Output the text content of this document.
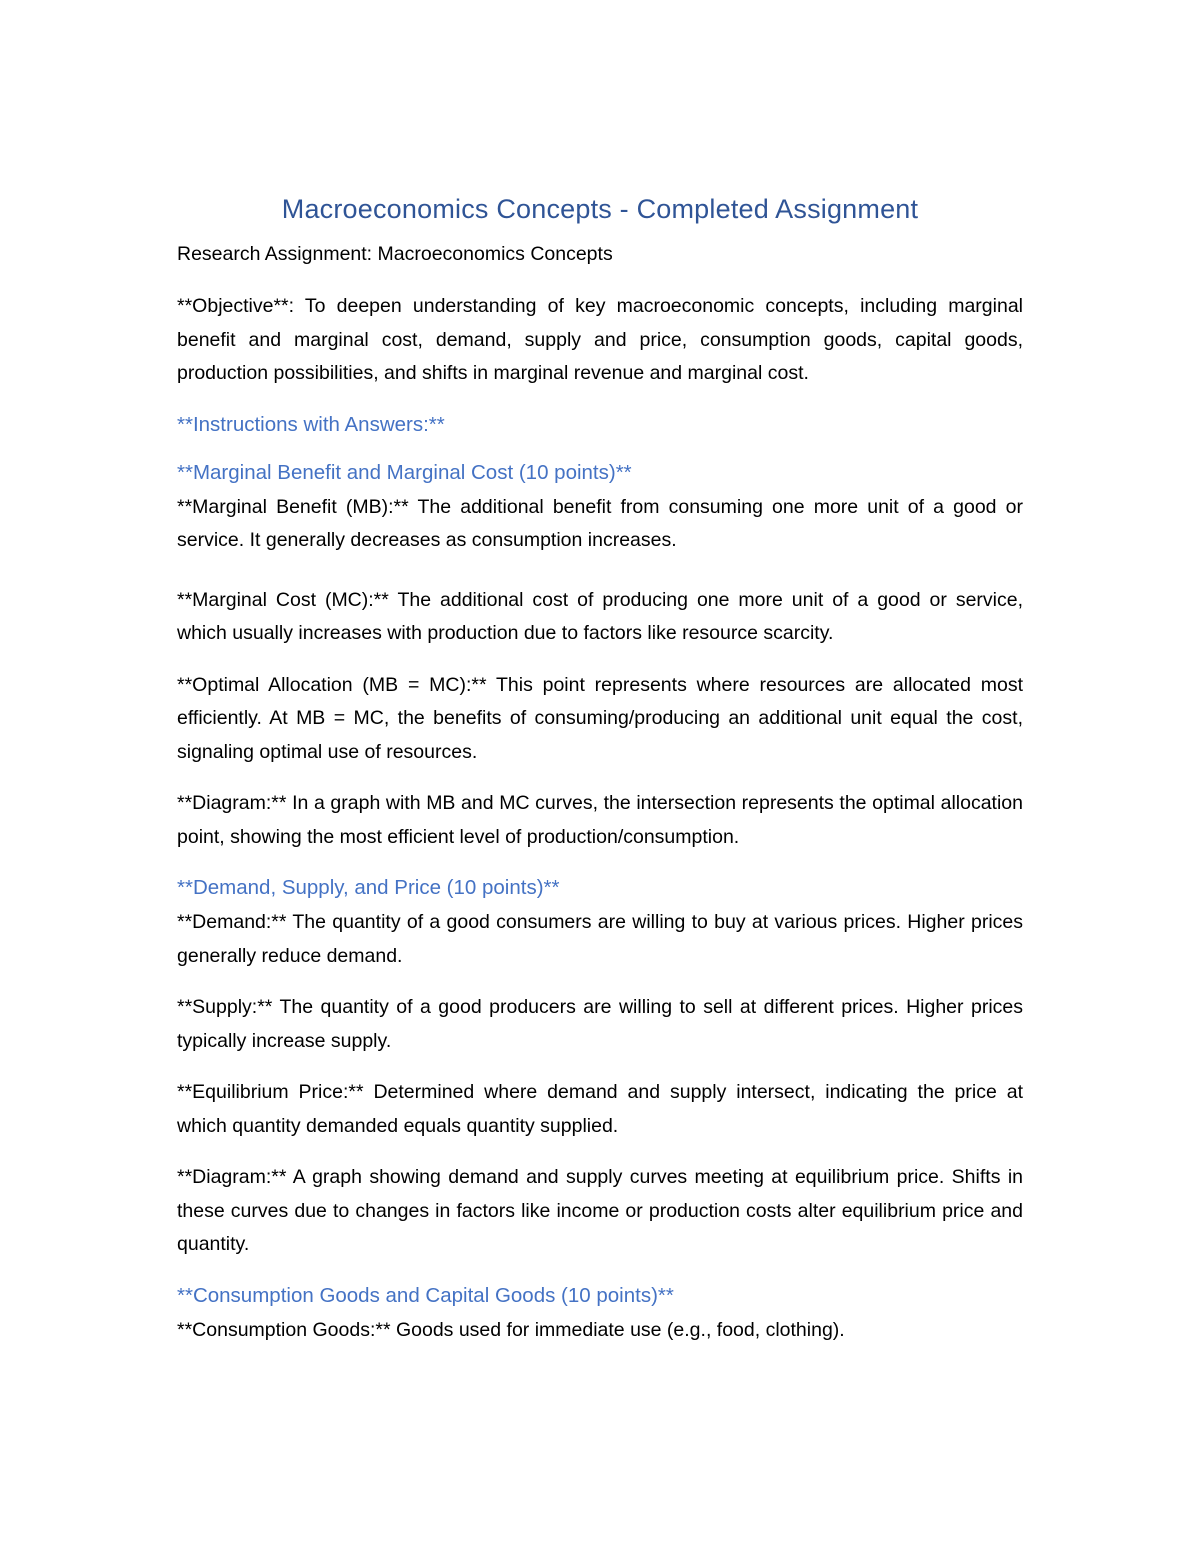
Macroeconomics Concepts - Completed Assignment
Research Assignment: Macroeconomics Concepts

**Objective**: To deepen understanding of key macroeconomic concepts, including marginal benefit and marginal cost, demand, supply and price, consumption goods, capital goods, production possibilities, and shifts in marginal revenue and marginal cost.

**Instructions with Answers:**
**Marginal Benefit and Marginal Cost (10 points)**

**Marginal Benefit (MB):** The additional benefit from consuming one more unit of a good or service. It generally decreases as consumption increases.

**Marginal Cost (MC):** The additional cost of producing one more unit of a good or service, which usually increases with production due to factors like resource scarcity.

**Optimal Allocation (MB = MC):** This point represents where resources are allocated most efficiently. At MB = MC, the benefits of consuming/producing an additional unit equal the cost, signaling optimal use of resources.

**Diagram:** In a graph with MB and MC curves, the intersection represents the optimal allocation point, showing the most efficient level of production/consumption.

**Demand, Supply, and Price (10 points)**

**Demand:** The quantity of a good consumers are willing to buy at various prices. Higher prices generally reduce demand.

**Supply:** The quantity of a good producers are willing to sell at different prices. Higher prices typically increase supply.

**Equilibrium Price:** Determined where demand and supply intersect, indicating the price at which quantity demanded equals quantity supplied.

**Diagram:** A graph showing demand and supply curves meeting at equilibrium price. Shifts in these curves due to changes in factors like income or production costs alter equilibrium price and quantity.

**Consumption Goods and Capital Goods (10 points)**

**Consumption Goods:** Goods used for immediate use (e.g., food, clothing).
